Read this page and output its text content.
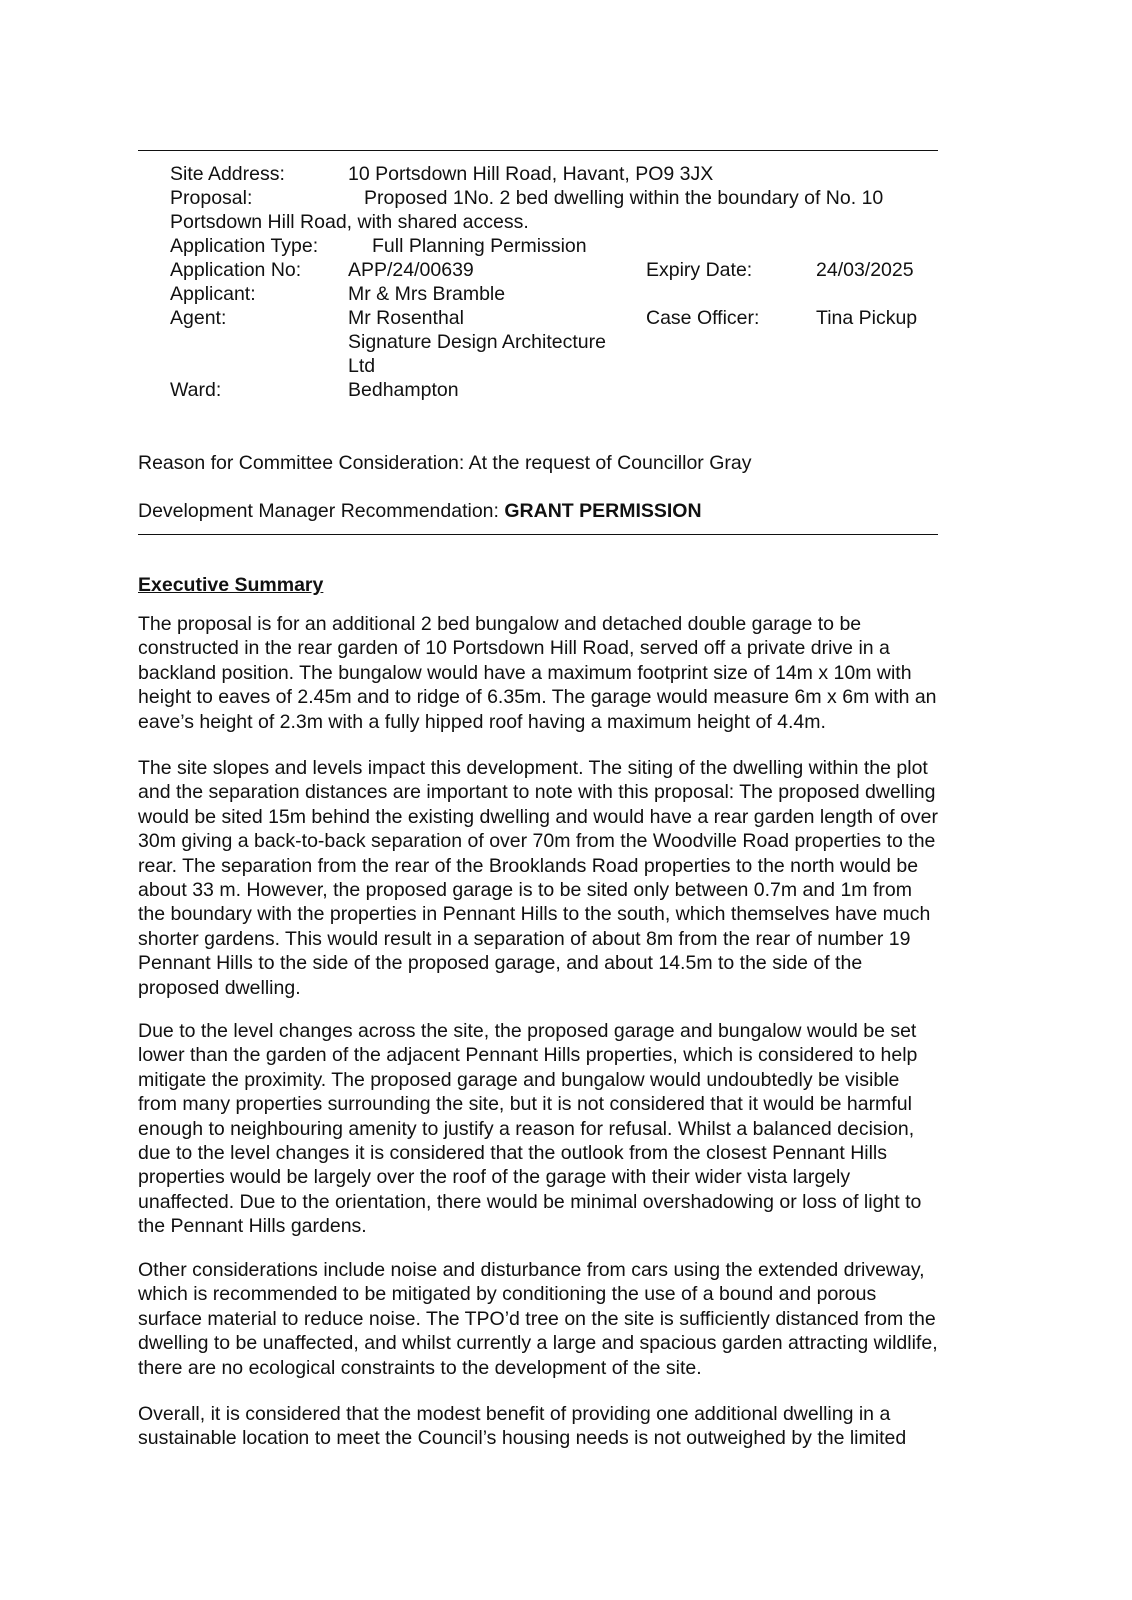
Site Address:	10 Portsdown Hill Road, Havant, PO9 3JX
Proposal:	Proposed 1No. 2 bed dwelling within the boundary of No. 10
Portsdown Hill Road, with shared access.
Application Type:	Full Planning Permission
Application No: APP/24/00639	Expiry Date:	24/03/2025
Applicant:	Mr & Mrs Bramble
Agent:	Mr Rosenthal	Case Officer:	Tina Pickup
Signature Design Architecture
Ltd
Ward:	Bedhampton
Reason for Committee Consideration: At the request of Councillor Gray
Development Manager Recommendation: GRANT PERMISSION
Executive Summary
The proposal is for an additional 2 bed bungalow and detached double garage to be
constructed in the rear garden of 10 Portsdown Hill Road, served off a private drive in a
backland position. The bungalow would have a maximum footprint size of 14m x 10m with
height to eaves of 2.45m and to ridge of 6.35m. The garage would measure 6m x 6m with an
eave’s height of 2.3m with a fully hipped roof having a maximum height of 4.4m.
The site slopes and levels impact this development. The siting of the dwelling within the plot
and the separation distances are important to note with this proposal: The proposed dwelling
would be sited 15m behind the existing dwelling and would have a rear garden length of over
30m giving a back-to-back separation of over 70m from the Woodville Road properties to the
rear. The separation from the rear of the Brooklands Road properties to the north would be
about 33 m. However, the proposed garage is to be sited only between 0.7m and 1m from
the boundary with the properties in Pennant Hills to the south, which themselves have much
shorter gardens. This would result in a separation of about 8m from the rear of number 19
Pennant Hills to the side of the proposed garage, and about 14.5m to the side of the
proposed dwelling.
Due to the level changes across the site, the proposed garage and bungalow would be set
lower than the garden of the adjacent Pennant Hills properties, which is considered to help
mitigate the proximity. The proposed garage and bungalow would undoubtedly be visible
from many properties surrounding the site, but it is not considered that it would be harmful
enough to neighbouring amenity to justify a reason for refusal. Whilst a balanced decision,
due to the level changes it is considered that the outlook from the closest Pennant Hills
properties would be largely over the roof of the garage with their wider vista largely
unaffected. Due to the orientation, there would be minimal overshadowing or loss of light to
the Pennant Hills gardens.
Other considerations include noise and disturbance from cars using the extended driveway,
which is recommended to be mitigated by conditioning the use of a bound and porous
surface material to reduce noise. The TPO’d tree on the site is sufficiently distanced from the
dwelling to be unaffected, and whilst currently a large and spacious garden attracting wildlife,
there are no ecological constraints to the development of the site.
Overall, it is considered that the modest benefit of providing one additional dwelling in a
sustainable location to meet the Council’s housing needs is not outweighed by the limited
